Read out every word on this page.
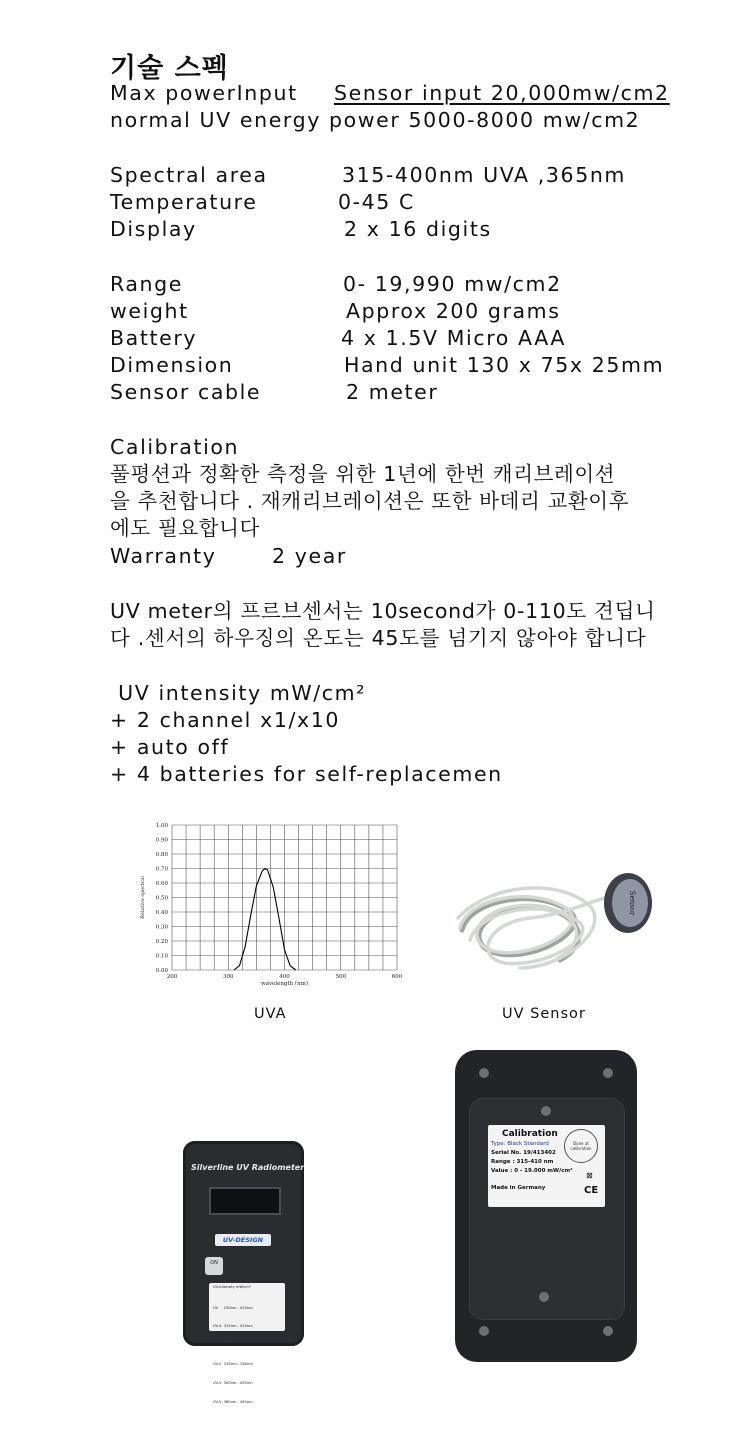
기술 스펙
Max powerInput Sensor input 20,000mw/cm2
normal UV energy power 5000-8000 mw/cm2
Spectral area	315-400nm UVA ,365nm
Temperature	0-45 C
Display	2 x 16 digits
Range	0- 19,990 mw/cm2
weight	Approx 200 grams
Battery	4 x 1.5V Micro AAA
Dimension	Hand unit 130 x 75x 25mm
Sensor cable	2 meter
Calibration
풀평션과 정확한 측정을 위한 1년에 한번 캐리브레이션
을 추천합니다 . 재캐리브레이션은 또한 바데리 교환이후
에도 필요합니다
Warranty	2 year
UV meter의 프르브센서는 10second가 0-110도 견딥니
다 .센서의 하우징의 온도는 45도를 넘기지 않아야 합니다
UV intensity mW/cm²
+ 2 channel x1/x10
+ auto off
+ 4 batteries for self-replacemen
0.00
0.10
0.20
0.30
0.40
0.50
0.60
0.70
0.80
0.90
1.00
200	300	400	500	600
wavelength (nm)
Relative spectral
UVA
Sensor
UV Sensor
Silverline UV Radiometer
UV-DESIGN
ON
UV-Intensity mW/cm²

UV     230nm - 410nm

UV-A  315nm - 410nm

UV-B  280nm - 315nm

UV-C  230nm - 280nm

UV-V  350nm - 450nm

UV-V  380nm - 445nm

Calibration
Type: Black Standard
Serial No. 19/413402
Range : 315-410 nm
Value : 0 - 19.000 mW/cm²
Made in Germany
Done at calibration
CE
⊠
